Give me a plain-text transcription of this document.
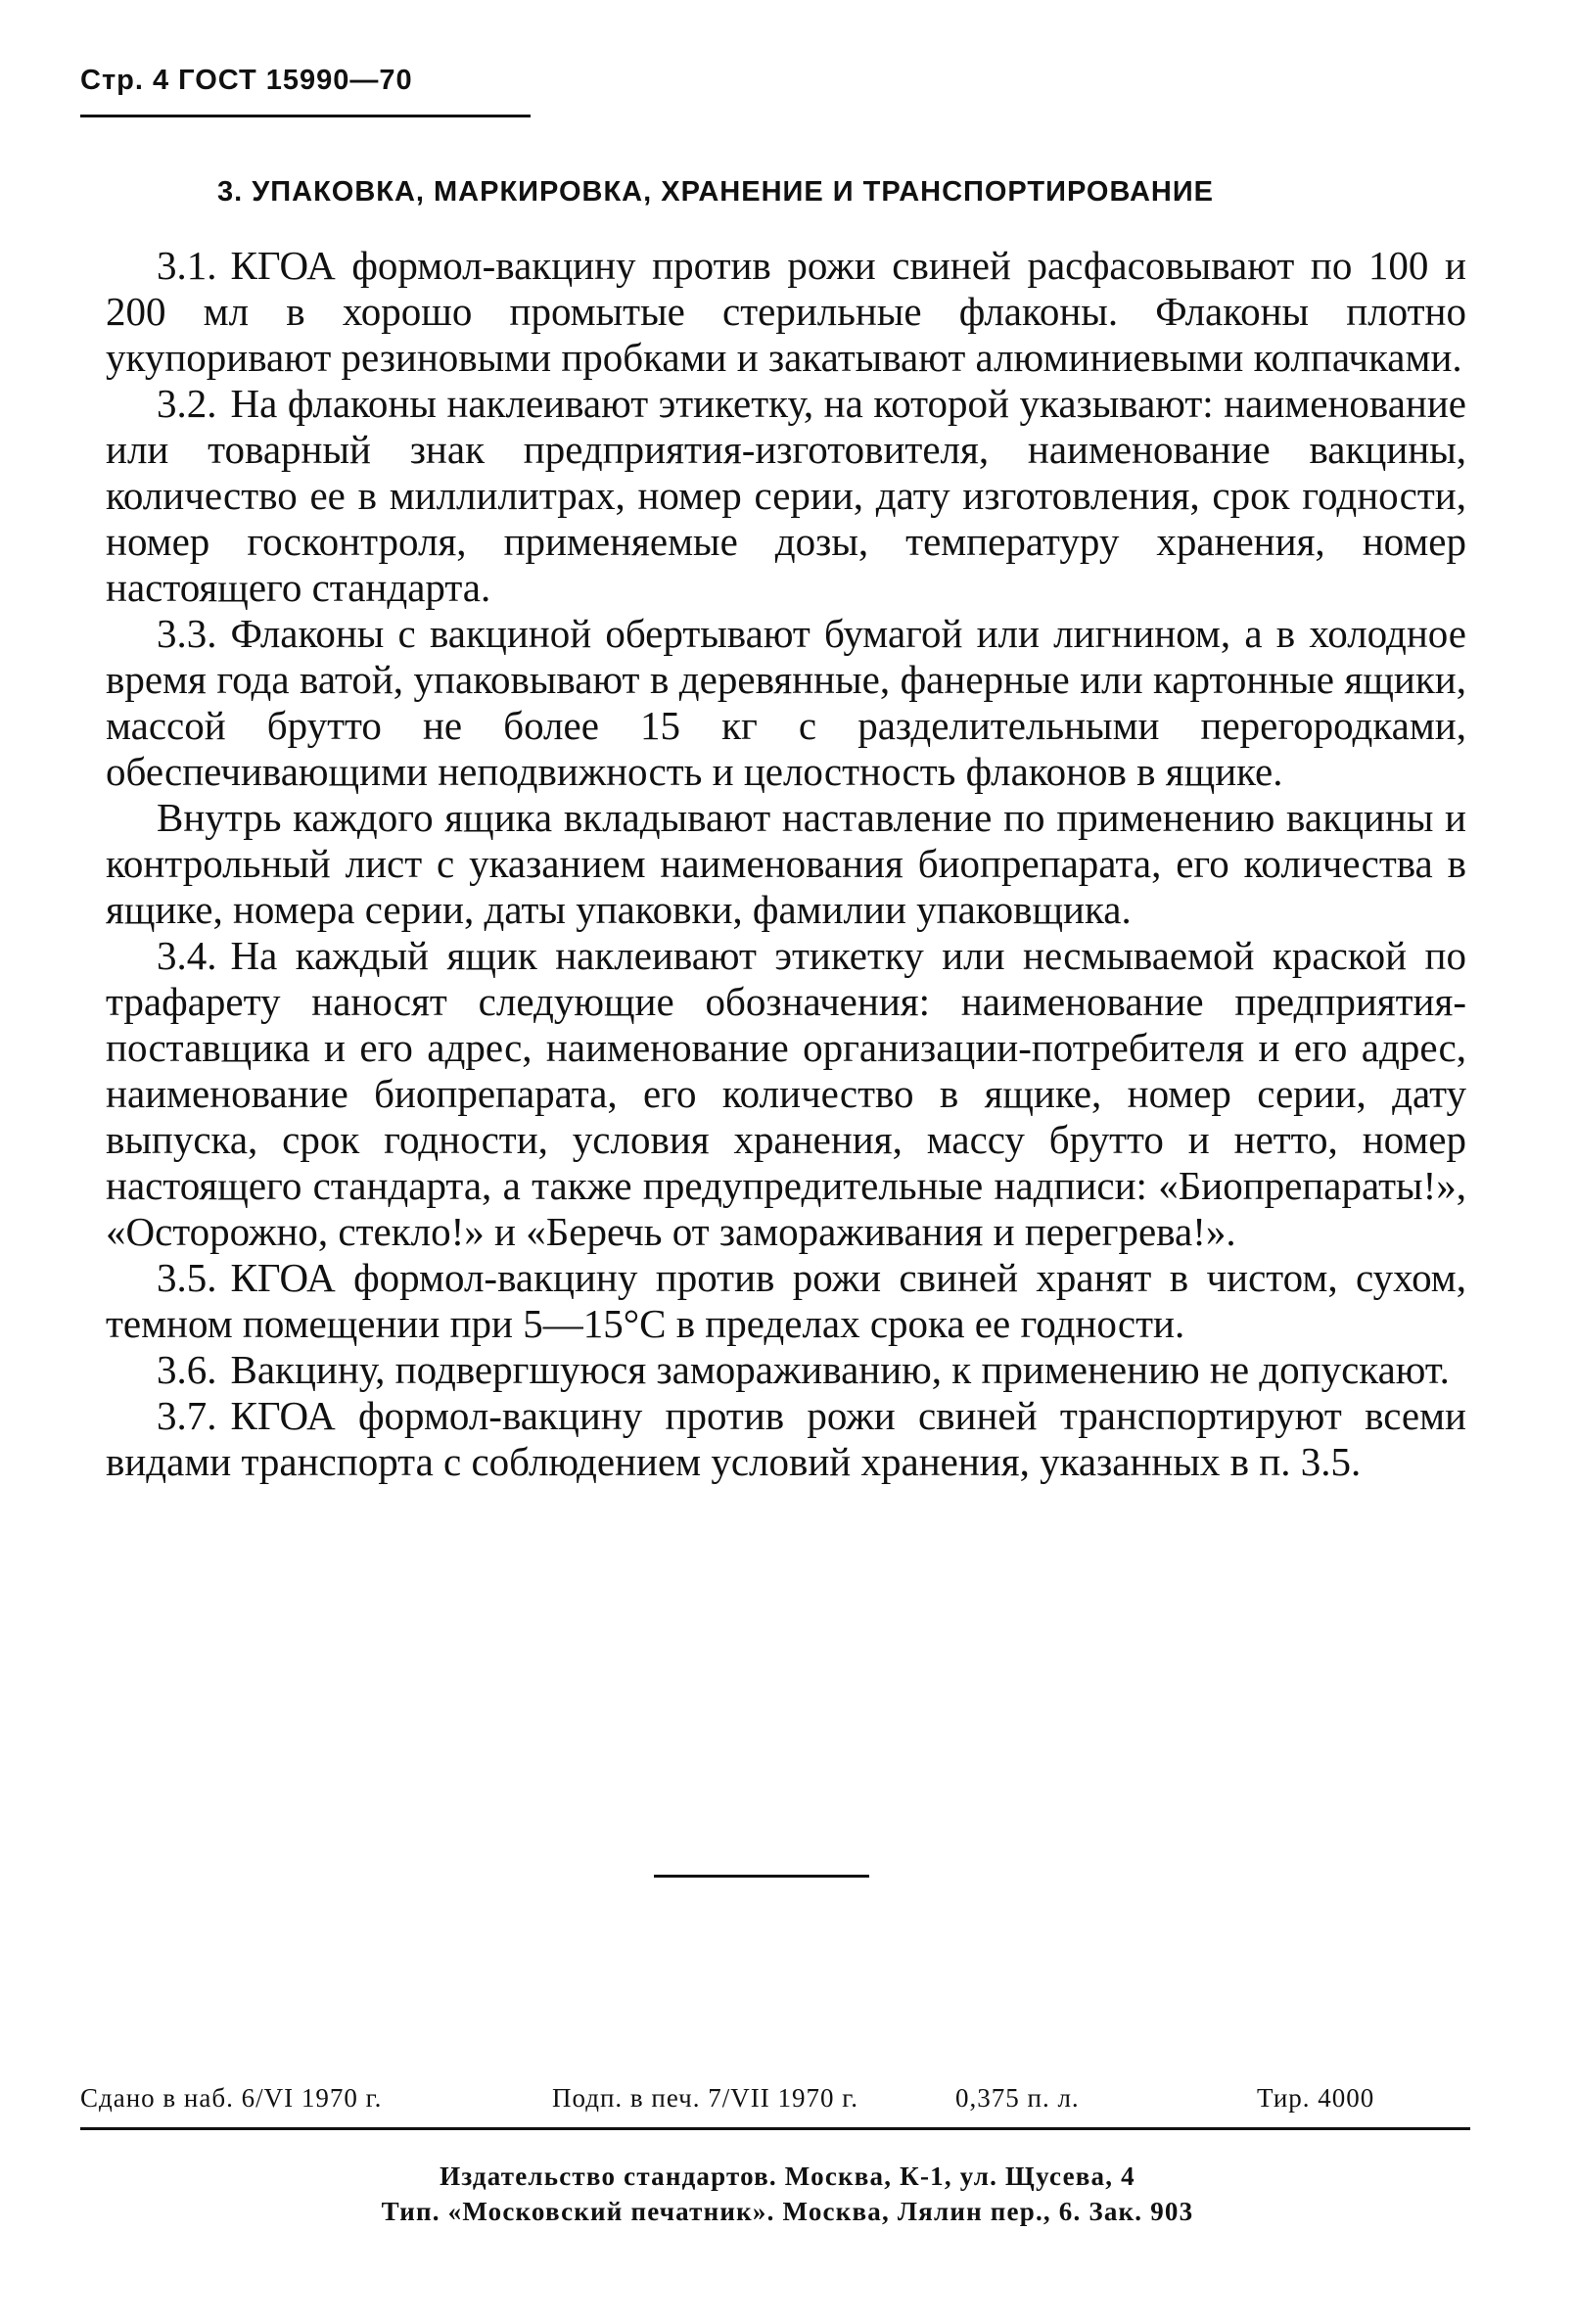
Стр. 4 ГОСТ 15990—70
3. УПАКОВКА, МАРКИРОВКА, ХРАНЕНИЕ И ТРАНСПОРТИРОВАНИЕ

3.1. КГОА формол-вакцину против рожи свиней расфасовывают по 100 и 200 мл в хорошо промытые стерильные флаконы. Флаконы плотно укупоривают резиновыми пробками и закатывают алюминиевыми колпачками.

3.2. На флаконы наклеивают этикетку, на которой указывают: наименование или товарный знак предприятия-изготовителя, наименование вакцины, количество ее в миллилитрах, номер серии, дату изготовления, срок годности, номер госконтроля, применяемые дозы, температуру хранения, номер настоящего стандарта.

3.3. Флаконы с вакциной обертывают бумагой или лигнином, а в холодное время года ватой, упаковывают в деревянные, фанерные или картонные ящики, массой брутто не более 15 кг с разделительными перегородками, обеспечивающими неподвижность и целостность флаконов в ящике.

Внутрь каждого ящика вкладывают наставление по применению вакцины и контрольный лист с указанием наименования биопрепарата, его количества в ящике, номера серии, даты упаковки, фамилии упаковщика.

3.4. На каждый ящик наклеивают этикетку или несмываемой краской по трафарету наносят следующие обозначения: наименование предприятия-поставщика и его адрес, наименование организации-потребителя и его адрес, наименование биопрепарата, его количество в ящике, номер серии, дату выпуска, срок годности, условия хранения, массу брутто и нетто, номер настоящего стандарта, а также предупредительные надписи: «Биопрепараты!», «Осторожно, стекло!» и «Беречь от замораживания и перегрева!».

3.5. КГОА формол-вакцину против рожи свиней хранят в чистом, сухом, темном помещении при 5—15°С в пределах срока ее годности.

3.6. Вакцину, подвергшуюся замораживанию, к применению не допускают.

3.7. КГОА формол-вакцину против рожи свиней транспортируют всеми видами транспорта с соблюдением условий хранения, указанных в п. 3.5.

Сдано в наб. 6/VI 1970 г.	Подп. в печ. 7/VII 1970 г.	0,375 п. л.	Тир. 4000
Издательство стандартов. Москва, К-1, ул. Щусева, 4
Тип. «Московский печатник». Москва, Лялин пер., 6. Зак. 903
